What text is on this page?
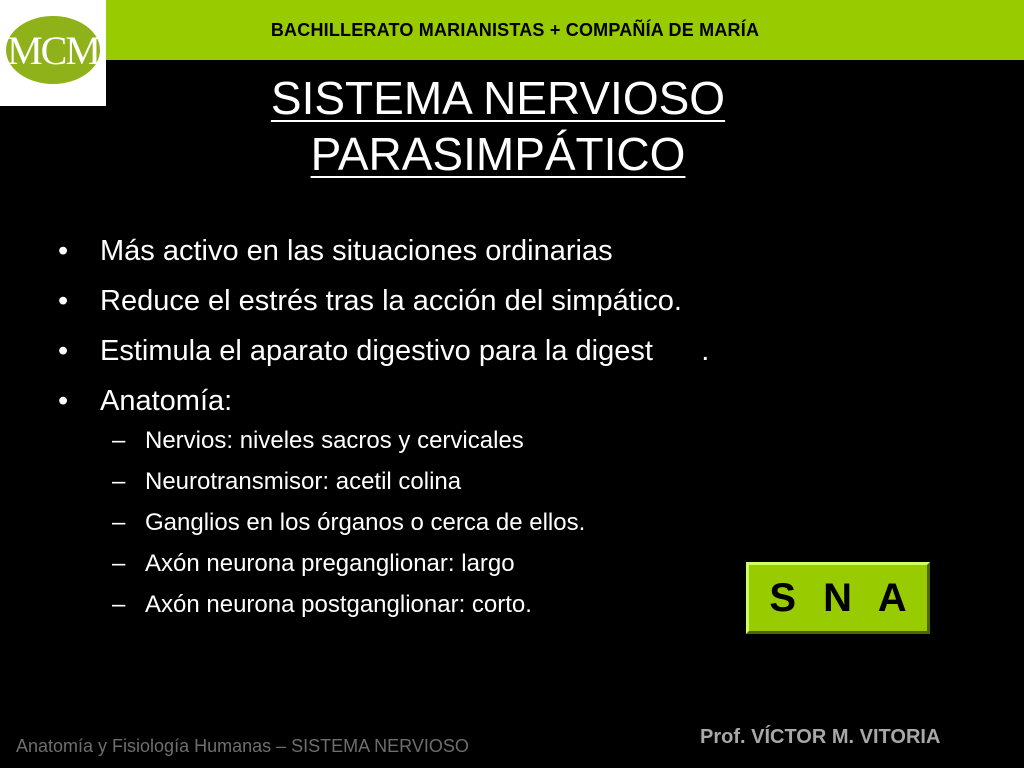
MCM	BACHILLERATO MARIANISTAS + COMPAÑÍA DE MARÍA
SISTEMA NERVIOSO
PARASIMPÁTICO
• Más activo en las situaciones ordinarias
• Reduce el estrés tras la acción del simpático.
• Estimula el aparato digestivo para la digest      .
• Anatomía:
– Nervios: niveles sacros y cervicales
– Neurotransmisor: acetil colina
– Ganglios en los órganos o cerca de ellos.
– Axón neurona preganglionar: largo
– Axón neurona postganglionar: corto.	S N A
Anatomía y Fisiología Humanas – SISTEMA NERVIOSO	Prof. VÍCTOR M. VITORIA
